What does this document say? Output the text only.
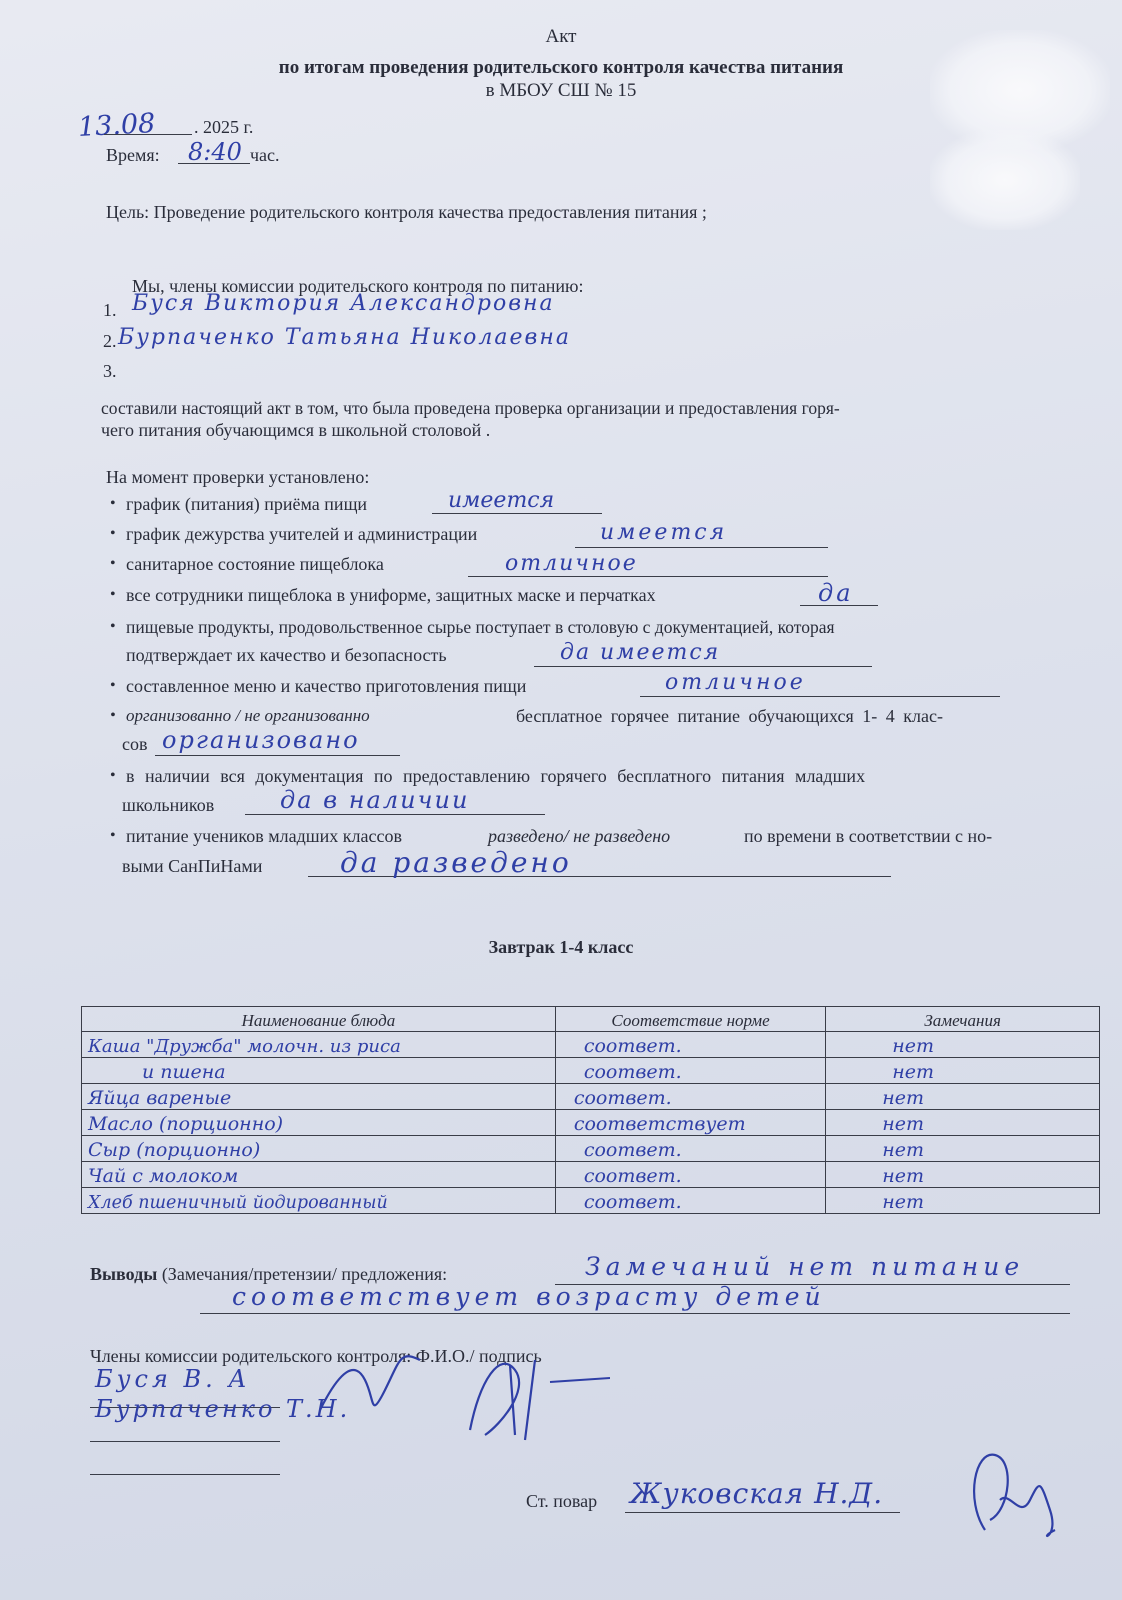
Акт
по итогам проведения родительского контроля качества питания
в МБОУ СШ № 15
13.08 . 2025 г.
Время: 8:40 час.
Цель: Проведение родительского контроля качества предоставления питания ;
Мы, члены комиссии родительского контроля по питанию:
1. Буся Виктория Александровна
2. Бурпаченко Татьяна Николаевна
3.
составили настоящий акт в том, что была проведена проверка организации и предоставления горя-
чего питания обучающимся в школьной столовой .
На момент проверки установлено:
• график (питания) приёма пищи	имеется
• график дежурства учителей и администрации	имеется
• санитарное состояние пищеблока	отличное
• все сотрудники пищеблока в униформе, защитных маске и перчатках	да
• пищевые продукты, продовольственное сырье поступает в столовую с документацией, которая
подтверждает их качество и безопасность	да имеется
• составленное меню и качество приготовления пищи	отличное
• организованно / не организованно	бесплатное горячее питание обучающихся 1- 4 клас-
сов организовано
• в наличии вся документация по предоставлению горячего бесплатного питания младших
школьников	да в наличии
• питание учеников младших классов	разведено/ не разведено	по времени в соответствии с но-
выми СанПиНами	да разведено
Завтрак 1-4 класс
Наименование блюда	Соответствие норме	Замечания
Каша "Дружба" молочн. из риса	соответ.	нет
и пшена	соответ.	нет
Яйца вареные	соответ.	нет
Масло (порционно)	соответствует	нет
Сыр (порционно)	соответ.	нет
Чай с молоком	соответ.	нет
Хлеб пшеничный йодированный	соответ.	нет
Выводы (Замечания/претензии/ предложения:	Замечаний нет питание
соответствует возрасту детей
Члены комиссии родительского контроля: Ф.И.О./ подпись
Буся В. А
Бурпаченко Т.Н.
Ст. повар Жуковская Н.Д.
